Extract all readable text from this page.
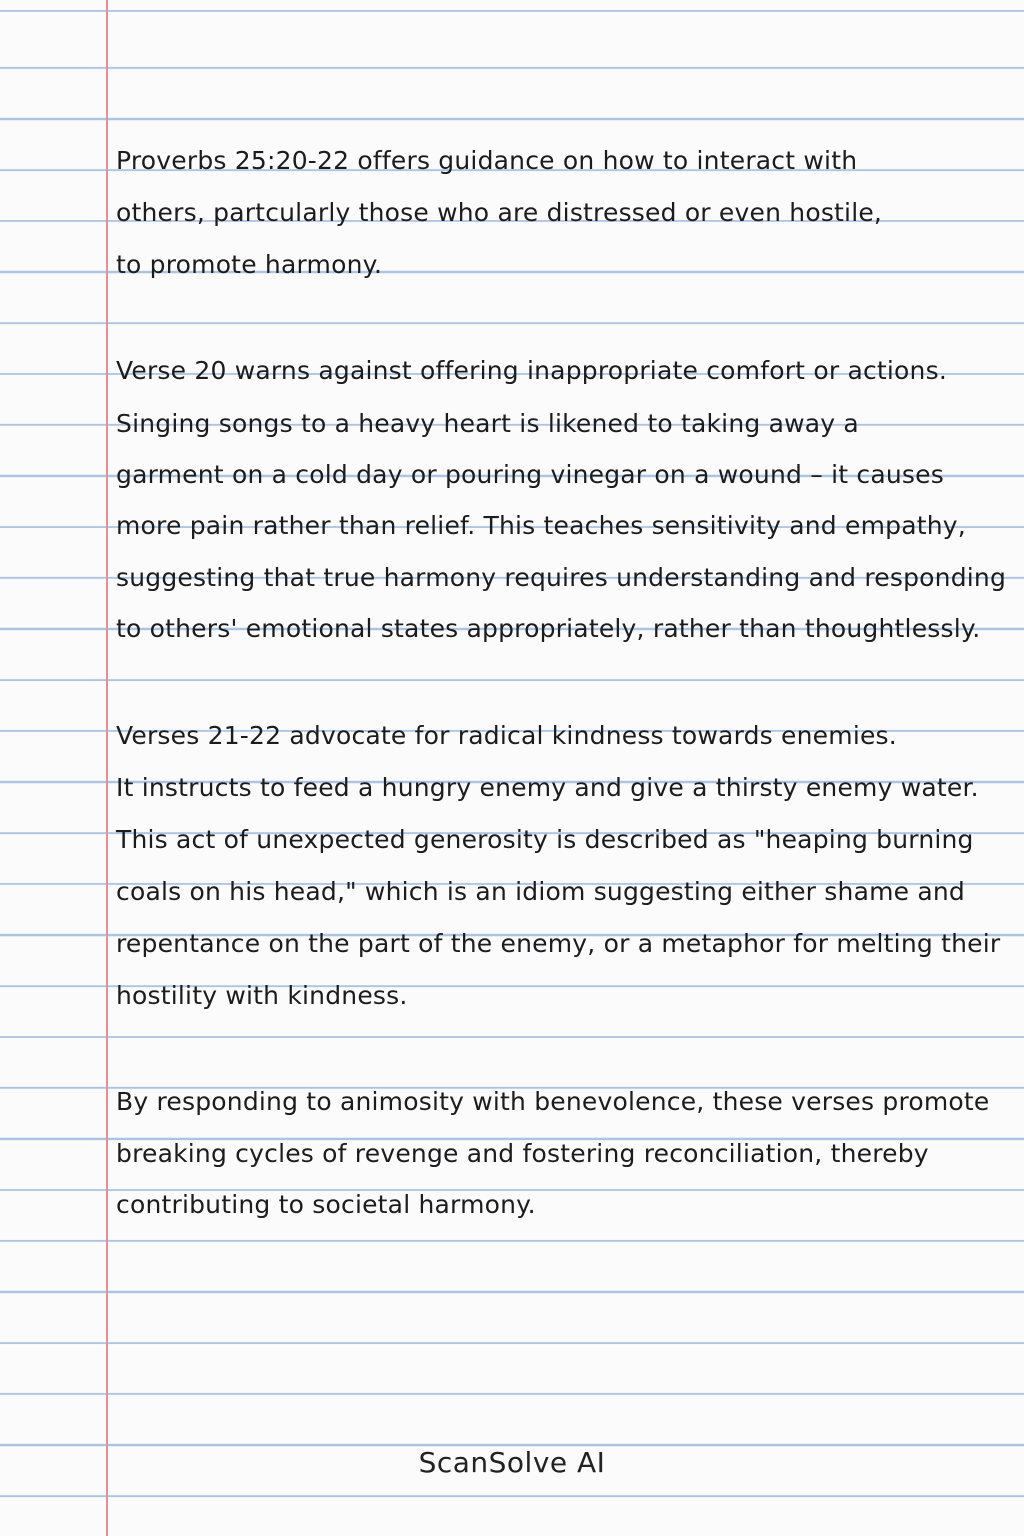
Proverbs 25:20-22 offers guidance on how to interact with
others, partcularly those who are distressed or even hostile,
to promote harmony.
Verse 20 warns against offering inappropriate comfort or actions.
Singing songs to a heavy heart is likened to taking away a
garment on a cold day or pouring vinegar on a wound – it causes
more pain rather than relief. This teaches sensitivity and empathy,
suggesting that true harmony requires understanding and responding
to others' emotional states appropriately, rather than thoughtlessly.
Verses 21-22 advocate for radical kindness towards enemies.
It instructs to feed a hungry enemy and give a thirsty enemy water.
This act of unexpected generosity is described as "heaping burning
coals on his head," which is an idiom suggesting either shame and
repentance on the part of the enemy, or a metaphor for melting their
hostility with kindness.
By responding to animosity with benevolence, these verses promote
breaking cycles of revenge and fostering reconciliation, thereby
contributing to societal harmony.
ScanSolve AI
